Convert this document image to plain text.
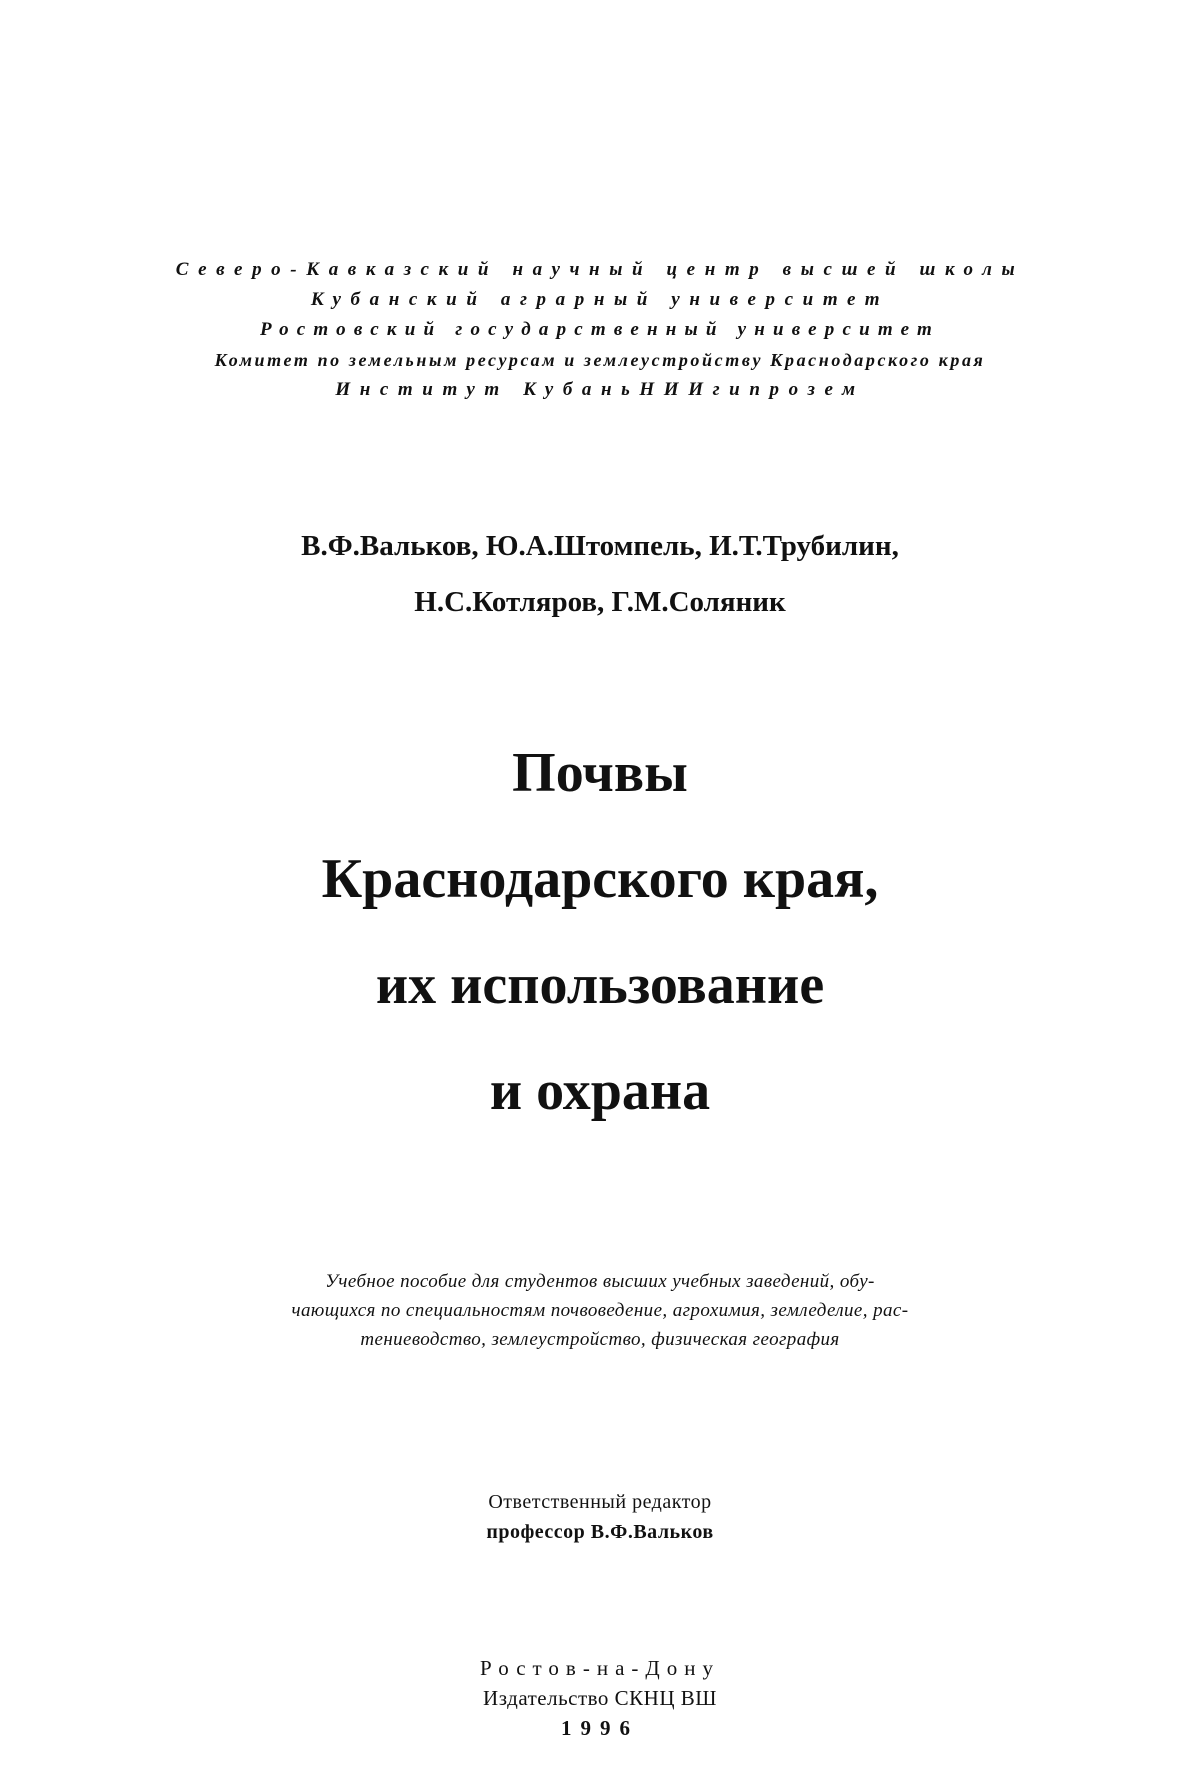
Северо-Кавказский научный центр высшей школы
Кубанский аграрный университет
Ростовский государственный университет
Комитет по земельным ресурсам и землеустройству Краснодарского края
Институт КубаньНИИгипрозем
В.Ф.Вальков, Ю.А.Штомпель, И.Т.Трубилин,
Н.С.Котляров, Г.М.Соляник
Почвы
Краснодарского края,
их использование
и охрана
Учебное пособие для студентов высших учебных заведений, обу-
чающихся по специальностям почвоведение, агрохимия, земледелие, рас-
тениеводство, землеустройство, физическая география
Ответственный редактор
профессор В.Ф.Вальков
Ростов-на-Дону
Издательство СКНЦ ВШ
1996
